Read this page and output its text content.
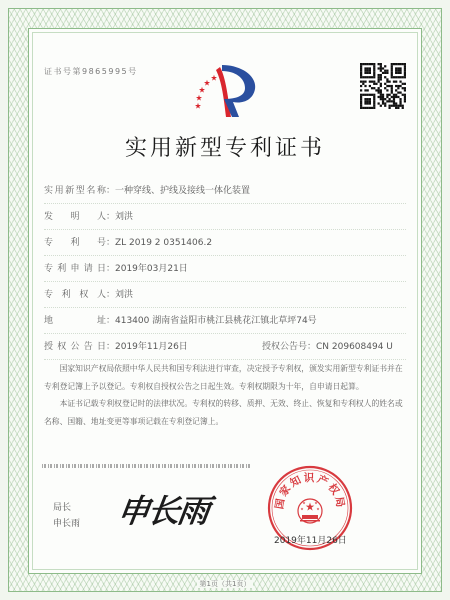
证书号第9865995号
实用新型专利证书
实用新型名称：一种穿线、护线及接线一体化装置
发明人：刘洪
专利号：ZL 2019 2 0351406.2
专利申请日：2019年03月21日
专利权人：刘洪
地址：413400 湖南省益阳市桃江县桃花江镇北草坪74号
授权公告日：2019年11月26日	授权公告号：CN 209608494 U

国家知识产权局依照中华人民共和国专利法进行审查，决定授予专利权，颁发实用新型专利证书并在专利登记簿上予以登记。专利权自授权公告之日起生效。专利权期限为十年，自申请日起算。

本证书记载专利权登记时的法律状况。专利权的转移、质押、无效、终止、恢复和专利权人的姓名或名称、国籍、地址变更等事项记载在专利登记簿上。

局长
申长雨 申长雨	国家知识产权局
2019年11月26日
第1页（共1页）
